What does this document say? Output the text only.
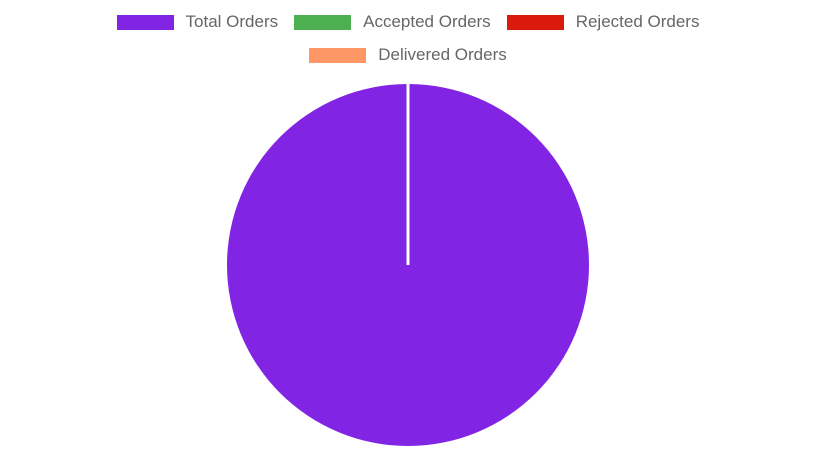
Total Orders	Accepted Orders	Rejected Orders
Delivered Orders
